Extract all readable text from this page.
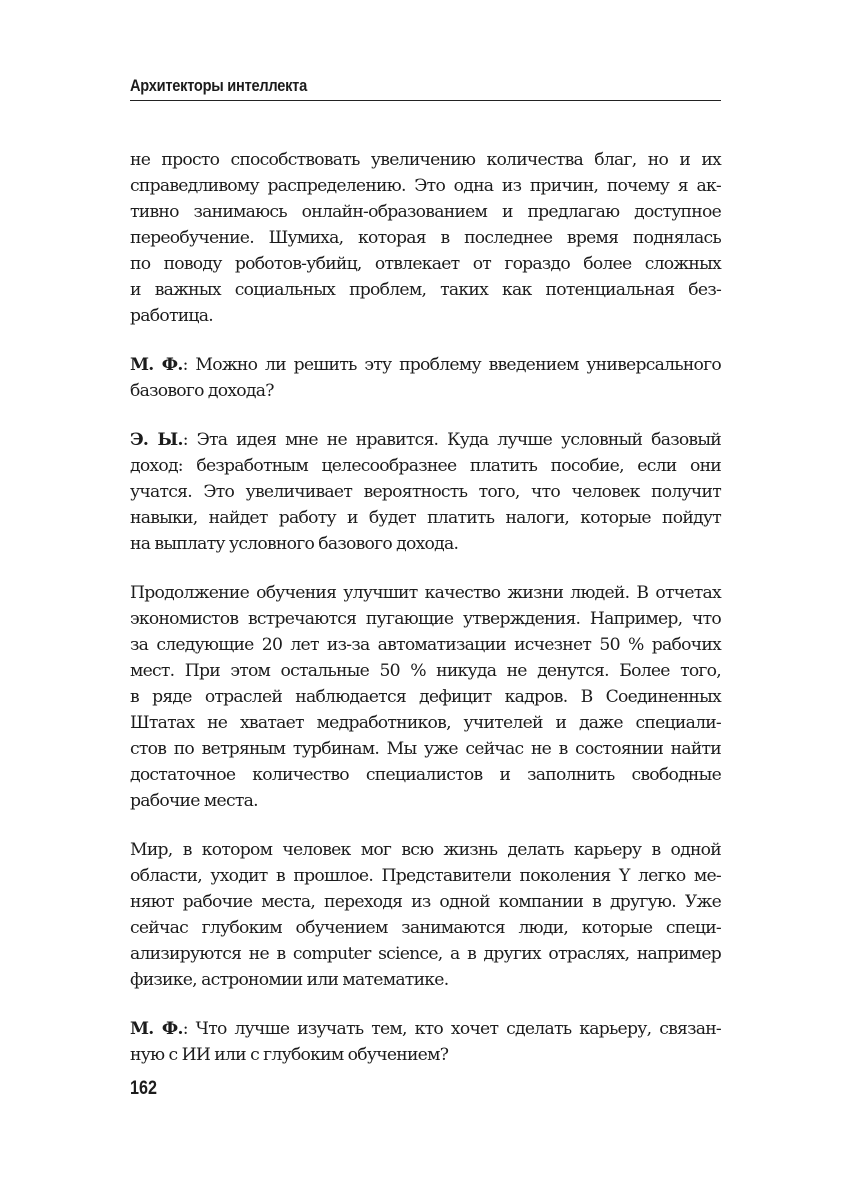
Архитекторы интеллекта
не просто способствовать увеличению количества благ, но и их
справедливому распределению. Это одна из причин, почему я ак-
тивно занимаюсь онлайн-образованием и предлагаю доступное
переобучение. Шумиха, которая в последнее время поднялась
по поводу роботов-убийц, отвлекает от гораздо более сложных
и важных социальных проблем, таких как потенциальная без-
работица.
М. Ф.: Можно ли решить эту проблему введением универсального
базового дохода?
Э. Ы.: Эта идея мне не нравится. Куда лучше условный базовый
доход: безработным целесообразнее платить пособие, если они
учатся. Это увеличивает вероятность того, что человек получит
навыки, найдет работу и будет платить налоги, которые пойдут
на выплату условного базового дохода.
Продолжение обучения улучшит качество жизни людей. В отчетах
экономистов встречаются пугающие утверждения. Например, что
за следующие 20 лет из-за автоматизации исчезнет 50 % рабочих
мест. При этом остальные 50 % никуда не денутся. Более того,
в ряде отраслей наблюдается дефицит кадров. В Соединенных
Штатах не хватает медработников, учителей и даже специали-
стов по ветряным турбинам. Мы уже сейчас не в состоянии найти
достаточное количество специалистов и заполнить свободные
рабочие места.
Мир, в котором человек мог всю жизнь делать карьеру в одной
области, уходит в прошлое. Представители поколения Y легко ме-
няют рабочие места, переходя из одной компании в другую. Уже
сейчас глубоким обучением занимаются люди, которые специ-
ализируются не в computer science, а в других отраслях, например
физике, астрономии или математике.
М. Ф.: Что лучше изучать тем, кто хочет сделать карьеру, связан-
ную с ИИ или с глубоким обучением?
162
